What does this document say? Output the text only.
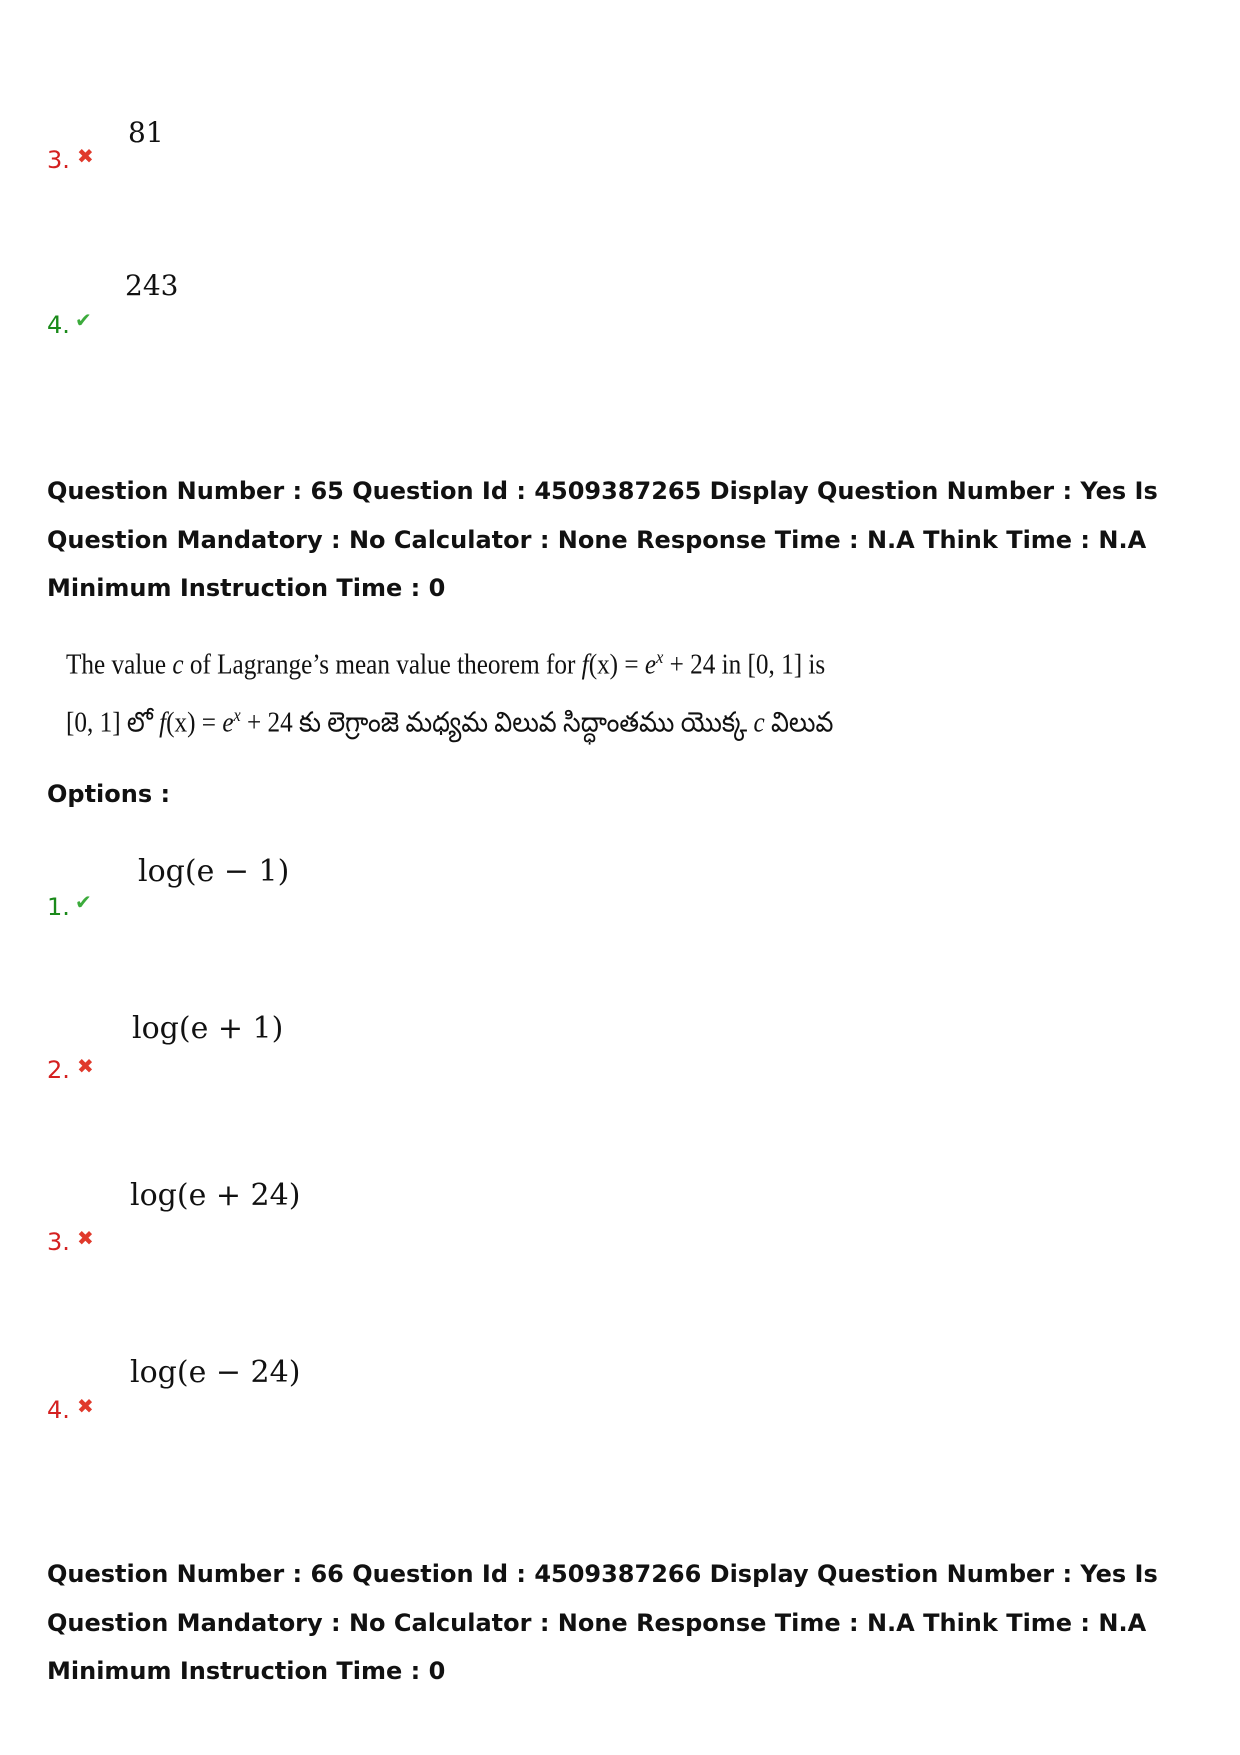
81
3. ✖
243
4. ✔
Question Number : 65 Question Id : 4509387265 Display Question Number : Yes Is Question Mandatory : No Calculator : None Response Time : N.A Think Time : N.A Minimum Instruction Time : 0
The value c of Lagrange’s mean value theorem for $f(x) = e^x + 24$ in [0, 1] is
[0, 1] లో $f(x) = e^x + 24$ కు లెగ్రాంజె మధ్యమ విలువ సిద్ధాంతము యొక్క c విలువ
Options :
log(e − 1)
1. ✔
log(e + 1)
2. ✖
log(e + 24)
3. ✖
log(e − 24)
4. ✖
Question Number : 66 Question Id : 4509387266 Display Question Number : Yes Is Question Mandatory : No Calculator : None Response Time : N.A Think Time : N.A Minimum Instruction Time : 0
